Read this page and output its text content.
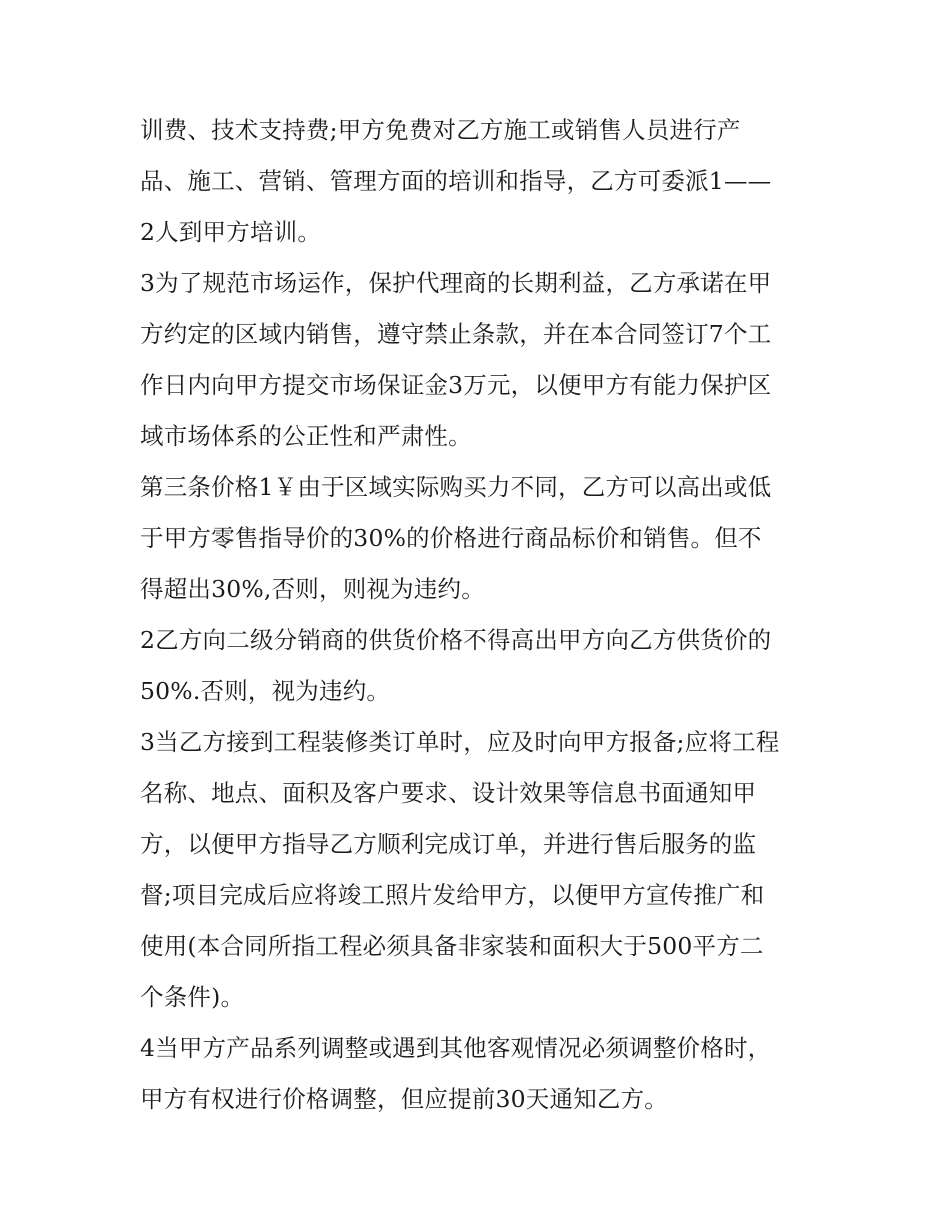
训费、技术支持费;甲方免费对乙方施工或销售人员进行产
品、施工、营销、管理方面的培训和指导，乙方可委派1——
2人到甲方培训。
3为了规范市场运作，保护代理商的长期利益，乙方承诺在甲
方约定的区域内销售，遵守禁止条款，并在本合同签订7个工
作日内向甲方提交市场保证金3万元，以便甲方有能力保护区
域市场体系的公正性和严肃性。
第三条价格1￥由于区域实际购买力不同，乙方可以高出或低
于甲方零售指导价的30%的价格进行商品标价和销售。但不
得超出30%,否则，则视为违约。
2乙方向二级分销商的供货价格不得高出甲方向乙方供货价的
50%.否则，视为违约。
3当乙方接到工程装修类订单时，应及时向甲方报备;应将工程
名称、地点、面积及客户要求、设计效果等信息书面通知甲
方，以便甲方指导乙方顺利完成订单，并进行售后服务的监
督;项目完成后应将竣工照片发给甲方，以便甲方宣传推广和
使用(本合同所指工程必须具备非家装和面积大于500平方二
个条件)。
4当甲方产品系列调整或遇到其他客观情况必须调整价格时，
甲方有权进行价格调整，但应提前30天通知乙方。
